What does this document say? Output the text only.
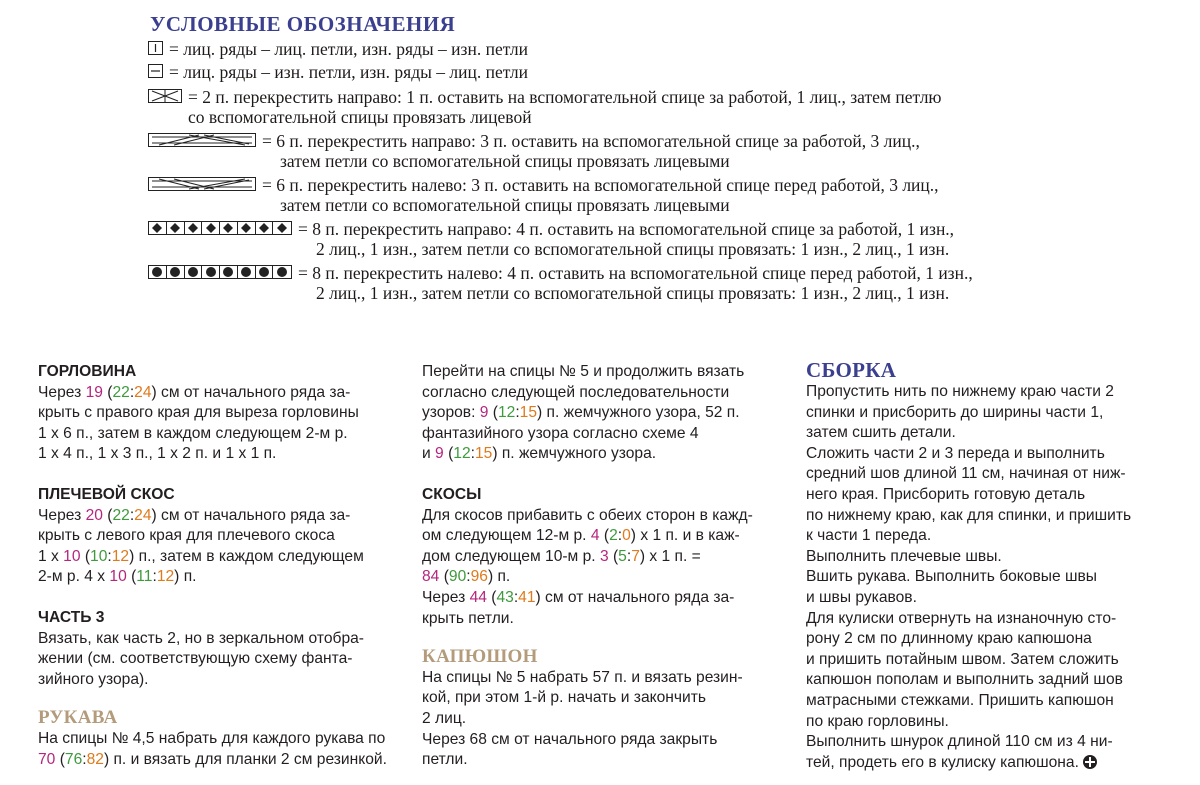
УСЛОВНЫЕ ОБОЗНАЧЕНИЯ
= лиц. ряды – лиц. петли, изн. ряды – изн. петли
= лиц. ряды – изн. петли, изн. ряды – лиц. петли
= 2 п. перекрестить направо: 1 п. оставить на вспомогательной спице за работой, 1 лиц., затем петлю
со вспомогательной спицы провязать лицевой
= 6 п. перекрестить направо: 3 п. оставить на вспомогательной спице за работой, 3 лиц.,
затем петли со вспомогательной спицы провязать лицевыми
= 6 п. перекрестить налево: 3 п. оставить на вспомогательной спице перед работой, 3 лиц.,
затем петли со вспомогательной спицы провязать лицевыми
= 8 п. перекрестить направо: 4 п. оставить на вспомогательной спице за работой, 1 изн.,
2 лиц., 1 изн., затем петли со вспомогательной спицы провязать: 1 изн., 2 лиц., 1 изн.
= 8 п. перекрестить налево: 4 п. оставить на вспомогательной спице перед работой, 1 изн.,
2 лиц., 1 изн., затем петли со вспомогательной спицы провязать: 1 изн., 2 лиц., 1 изн.

ГОРЛОВИНА

Через 19 (22:24) см от начального ряда за-

крыть с правого края для выреза горловины

1 х 6 п., затем в каждом следующем 2-м р.

1 х 4 п., 1 х 3 п., 1 х 2 п. и 1 х 1 п.

ПЛЕЧЕВОЙ СКОС

Через 20 (22:24) см от начального ряда за-

крыть с левого края для плечевого скоса

1 х 10 (10:12) п., затем в каждом следующем

2-м р. 4 х 10 (11:12) п.

ЧАСТЬ 3

Вязать, как часть 2, но в зеркальном отобра-

жении (см. соответствующую схему фанта-

зийного узора).

РУКАВА

На спицы № 4,5 набрать для каждого рукава по

70 (76:82) п. и вязать для планки 2 см резинкой.

Перейти на спицы № 5 и продолжить вязать

согласно следующей последовательности

узоров: 9 (12:15) п. жемчужного узора, 52 п.

фантазийного узора согласно схеме 4

и 9 (12:15) п. жемчужного узора.

СКОСЫ

Для скосов прибавить с обеих сторон в кажд-

ом следующем 12-м р. 4 (2:0) х 1 п. и в каж-

дом следующем 10-м р. 3 (5:7) х 1 п. =

84 (90:96) п.

Через 44 (43:41) см от начального ряда за-

крыть петли.

КАПЮШОН

На спицы № 5 набрать 57 п. и вязать резин-

кой, при этом 1-й р. начать и закончить

2 лиц.

Через 68 см от начального ряда закрыть

петли.

СБОРКА

Пропустить нить по нижнему краю части 2

спинки и присборить до ширины части 1,

затем сшить детали.

Сложить части 2 и 3 переда и выполнить

средний шов длиной 11 см, начиная от ниж-

него края. Присборить готовую деталь

по нижнему краю, как для спинки, и пришить

к части 1 переда.

Выполнить плечевые швы.

Вшить рукава. Выполнить боковые швы

и швы рукавов.

Для кулиски отвернуть на изнаночную сто-

рону 2 см по длинному краю капюшона

и пришить потайным швом. Затем сложить

капюшон пополам и выполнить задний шов

матрасными стежками. Пришить капюшон

по краю горловины.

Выполнить шнурок длиной 110 см из 4 ни-

тей, продеть его в кулиску капюшона.
